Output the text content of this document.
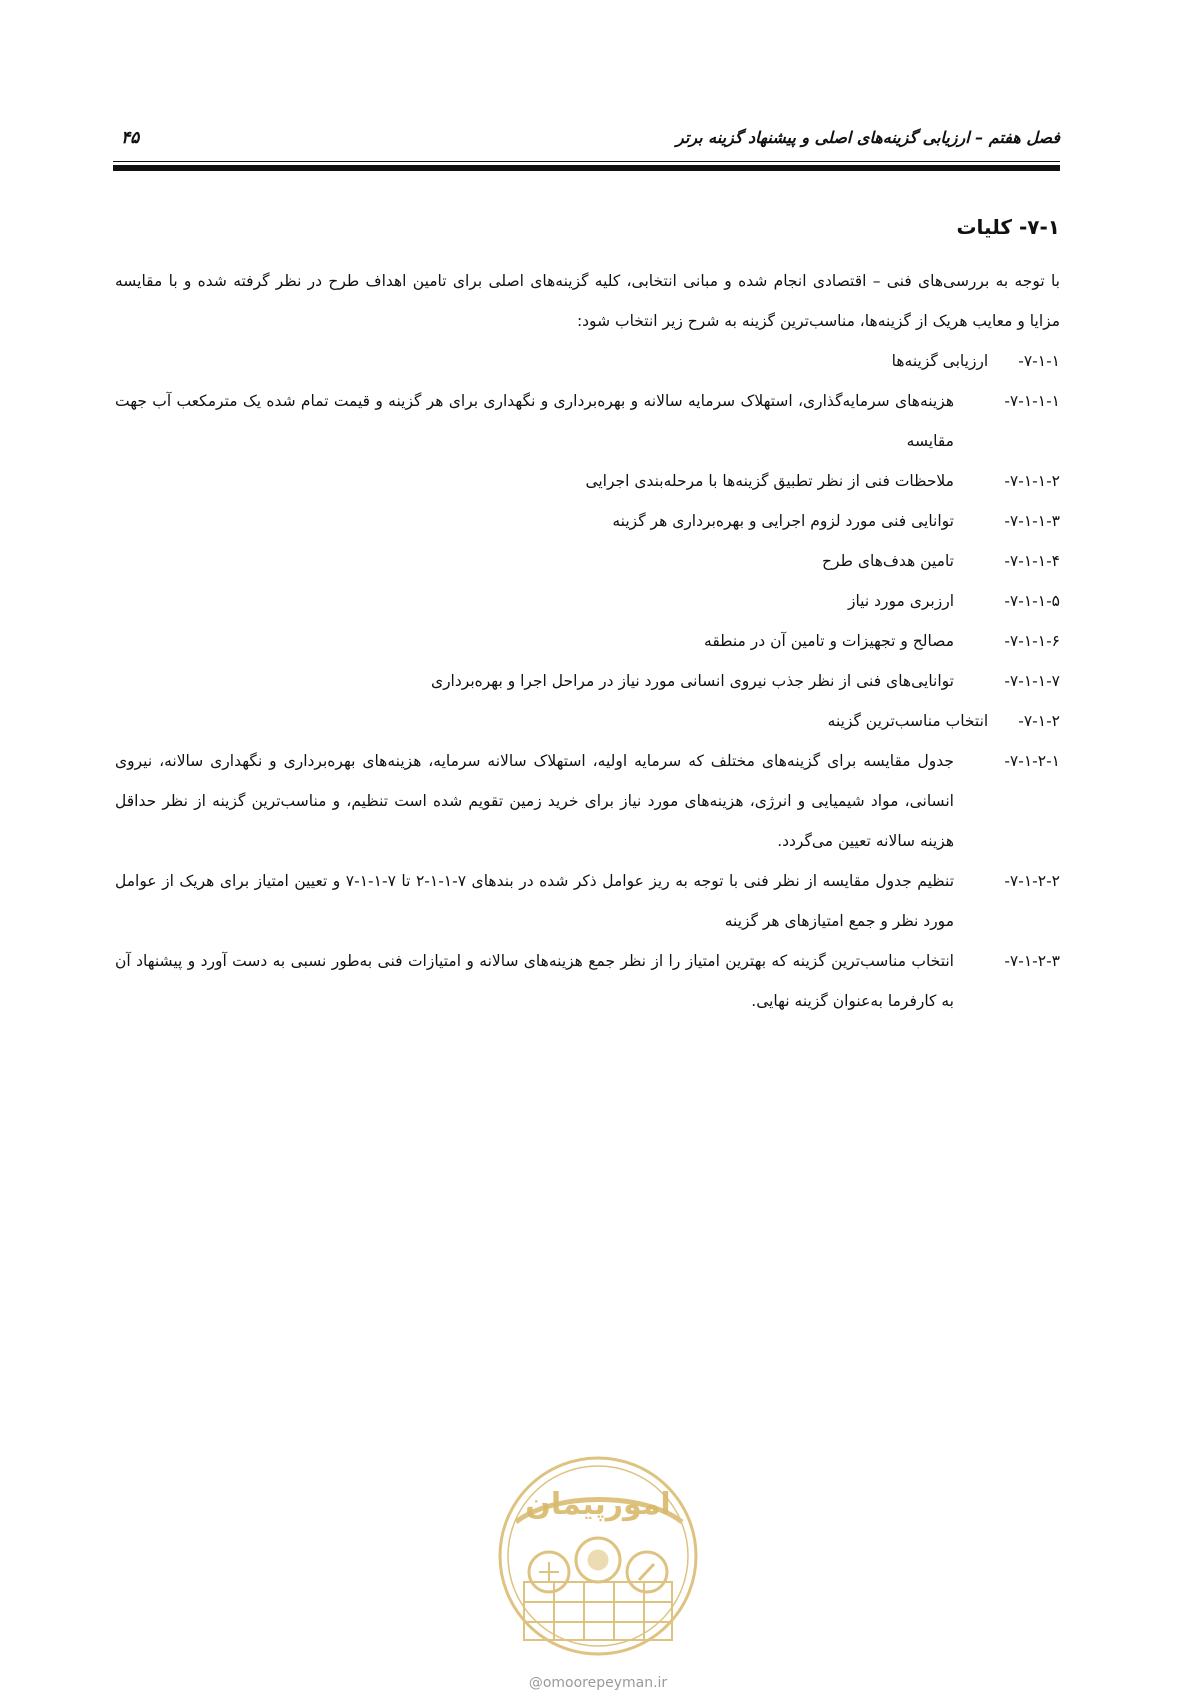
فصل هفتم – ارزیابی گزینه‌های اصلی و پیشنهاد گزینه برتر
۴۵
۷-۱- کلیات

با توجه به بررسی‌های فنی – اقتصادی انجام شده و مبانی انتخابی، کلیه گزینه‌های اصلی برای تامین اهداف طرح در نظر گرفته شده و با مقایسه مزایا و معایب هریک از گزینه‌ها، مناسب‌ترین گزینه به شرح زیر انتخاب شود:

۷-۱-۱-
ارزیابی گزینه‌ها
۷-۱-۱-۱-
هزینه‌های سرمایه‌گذاری، استهلاک سرمایه سالانه و بهره‌برداری و نگهداری برای هر گزینه و قیمت تمام شده یک مترمکعب آب جهت مقایسه
۷-۱-۱-۲-
ملاحظات فنی از نظر تطبیق گزینه‌ها با مرحله‌بندی اجرایی
۷-۱-۱-۳-
توانایی فنی مورد لزوم اجرایی و بهره‌برداری هر گزینه
۷-۱-۱-۴-
تامین هدف‌های طرح
۷-۱-۱-۵-
ارزبری مورد نیاز
۷-۱-۱-۶-
مصالح و تجهیزات و تامین آن در منطقه
۷-۱-۱-۷-
توانایی‌های فنی از نظر جذب نیروی انسانی مورد نیاز در مراحل اجرا و بهره‌برداری
۷-۱-۲-
انتخاب مناسب‌ترین گزینه
۷-۱-۲-۱-
جدول مقایسه برای گزینه‌های مختلف که سرمایه اولیه، استهلاک سالانه سرمایه، هزینه‌های بهره‌برداری و نگهداری سالانه، نیروی انسانی، مواد شیمیایی و انرژی، هزینه‌های مورد نیاز برای خرید زمین تقویم شده است تنظیم، و مناسب‌ترین گزینه از نظر حداقل هزینه سالانه تعیین می‌گردد.
۷-۱-۲-۲-
تنظیم جدول مقایسه از نظر فنی با توجه به ریز عوامل ذکر شده در بندهای ۷-۱-۱-۲ تا ۷-۱-۱-۷ و تعیین امتیاز برای هریک از عوامل مورد نظر و جمع امتیازهای هر گزینه
۷-۱-۲-۳-
انتخاب مناسب‌ترین گزینه که بهترین امتیاز را از نظر جمع هزینه‌های سالانه و امتیازات فنی به‌طور نسبی به دست آورد و پیشنهاد آن به کارفرما به‌عنوان گزینه نهایی.
امورپیمان
@omoorepeyman.ir
